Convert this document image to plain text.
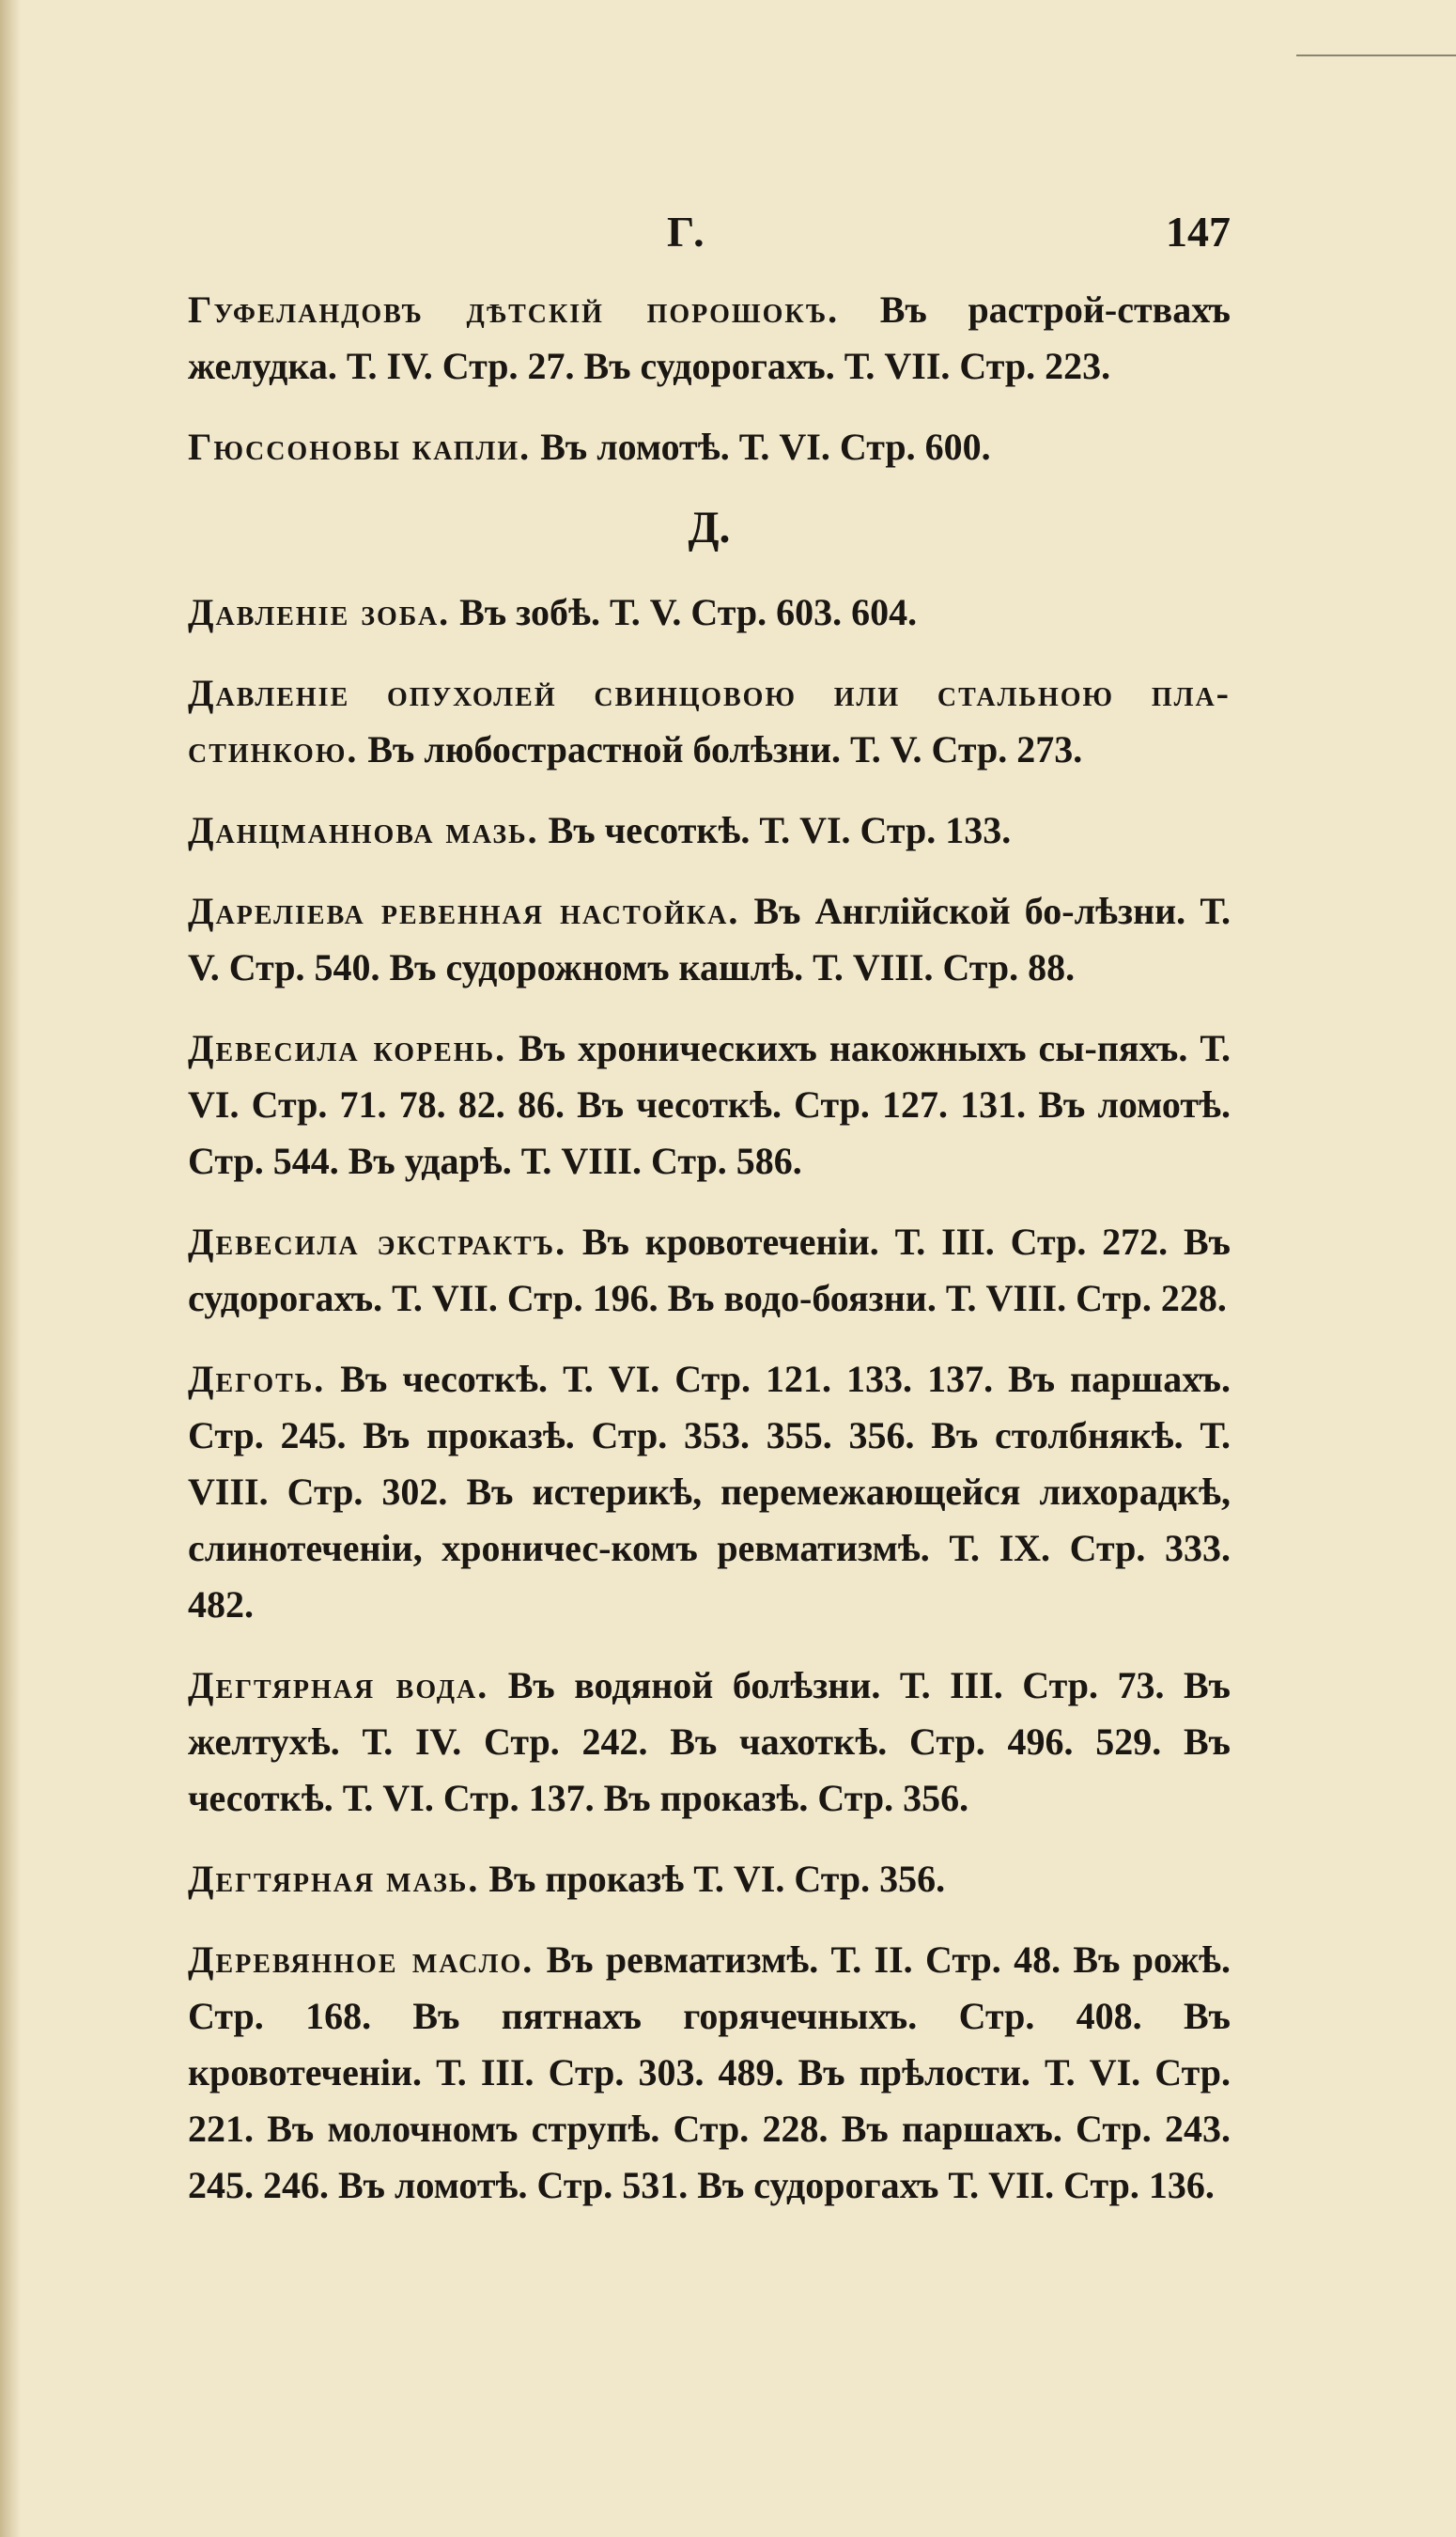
Г.	147

Гуфеландовъ дѣтскій порошокъ. Въ растрой-ствахъ желудка. Т. IV. Стр. 27. Въ судорогахъ. Т. VII. Стр. 223.

Гюссоновы капли. Въ ломотѣ. Т. VI. Стр. 600.

Д.

Давленіе зоба. Въ зобѣ. Т. V. Стр. 603. 604.

Давленіе опухолей свинцовою или стальною пла-стинкою. Въ любострастной болѣзни. Т. V. Стр. 273.

Данцманнова мазь. Въ чесоткѣ. Т. VI. Стр. 133.

Дареліева ревенная настойка. Въ Англійской бо-лѣзни. Т. V. Стр. 540. Въ судорожномъ кашлѣ. Т. VIII. Стр. 88.

Девесила корень. Въ хроническихъ накожныхъ сы-пяхъ. Т. VI. Стр. 71. 78. 82. 86. Въ чесоткѣ. Стр. 127. 131. Въ ломотѣ. Стр. 544. Въ ударѣ. Т. VIII. Стр. 586.

Девесила экстрактъ. Въ кровотеченіи. Т. III. Стр. 272. Въ судорогахъ. Т. VII. Стр. 196. Въ водо-боязни. Т. VIII. Стр. 228.

Деготь. Въ чесоткѣ. Т. VI. Стр. 121. 133. 137. Въ паршахъ. Стр. 245. Въ проказѣ. Стр. 353. 355. 356. Въ столбнякѣ. Т. VIII. Стр. 302. Въ истерикѣ, перемежающейся лихорадкѣ, слинотеченіи, хроничес-комъ ревматизмѣ. Т. IX. Стр. 333. 482.

Дегтярная вода. Въ водяной болѣзни. Т. III. Стр. 73. Въ желтухѣ. Т. IV. Стр. 242. Въ чахоткѣ. Стр. 496. 529. Въ чесоткѣ. Т. VI. Стр. 137. Въ проказѣ. Стр. 356.

Дегтярная мазь. Въ проказѣ Т. VI. Стр. 356.

Деревянное масло. Въ ревматизмѣ. Т. II. Стр. 48. Въ рожѣ. Стр. 168. Въ пятнахъ горячечныхъ. Стр. 408. Въ кровотеченіи. Т. III. Стр. 303. 489. Въ прѣлости. Т. VI. Стр. 221. Въ молочномъ струпѣ. Стр. 228. Въ паршахъ. Стр. 243. 245. 246. Въ ломотѣ. Стр. 531. Въ судорогахъ Т. VII. Стр. 136.
